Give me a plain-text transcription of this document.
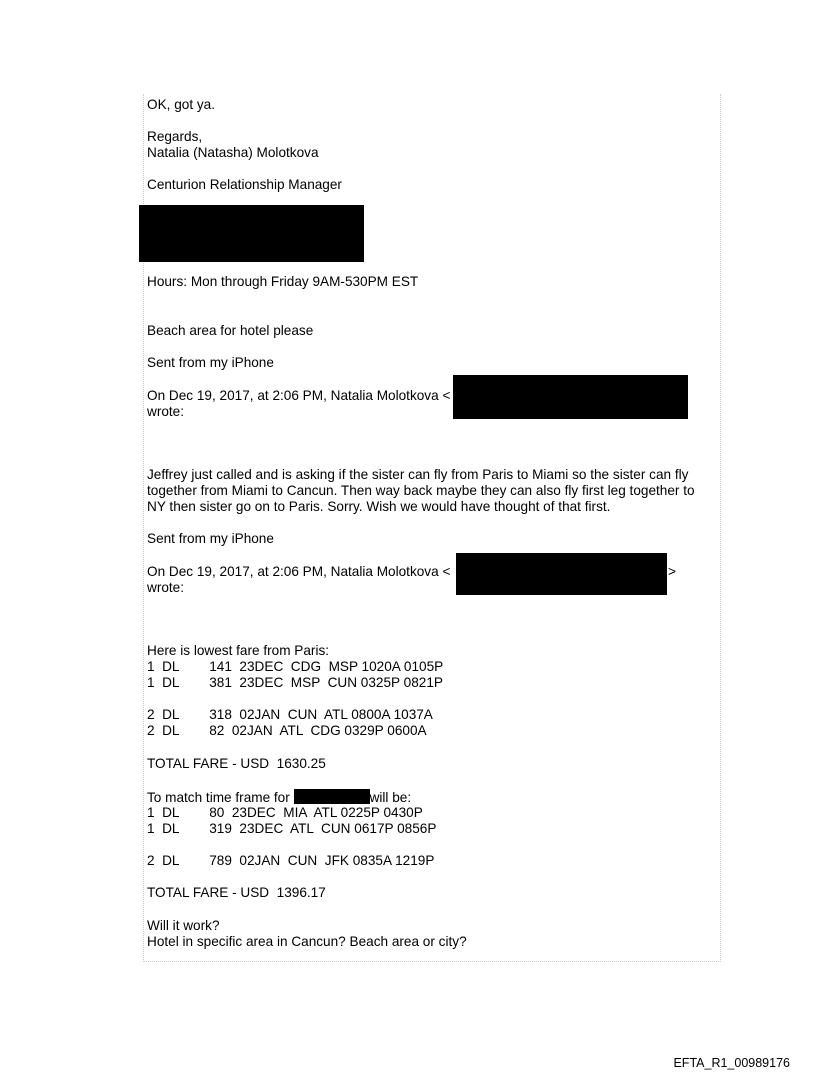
OK, got ya.
Regards,
Natalia (Natasha) Molotkova
Centurion Relationship Manager
Hours: Mon through Friday 9AM-530PM EST
Beach area for hotel please
Sent from my iPhone
On Dec 19, 2017, at 2:06 PM, Natalia Molotkova <
wrote:
Jeffrey just called and is asking if the sister can fly from Paris to Miami so the sister can fly
together from Miami to Cancun. Then way back maybe they can also fly first leg together to
NY then sister go on to Paris. Sorry. Wish we would have thought of that first.
Sent from my iPhone
On Dec 19, 2017, at 2:06 PM, Natalia Molotkova <	>
wrote:
Here is lowest fare from Paris:
1  DL        141  23DEC  CDG  MSP 1020A 0105P
1  DL        381  23DEC  MSP  CUN 0325P 0821P
2  DL        318  02JAN  CUN  ATL 0800A 1037A
2  DL        82  02JAN  ATL  CDG 0329P 0600A
TOTAL FARE - USD  1630.25
To match time frame for	will be:
1  DL        80  23DEC  MIA  ATL 0225P 0430P
1  DL        319  23DEC  ATL  CUN 0617P 0856P
2  DL        789  02JAN  CUN  JFK 0835A 1219P
TOTAL FARE - USD  1396.17
Will it work?
Hotel in specific area in Cancun? Beach area or city?
EFTA_R1_00989176
